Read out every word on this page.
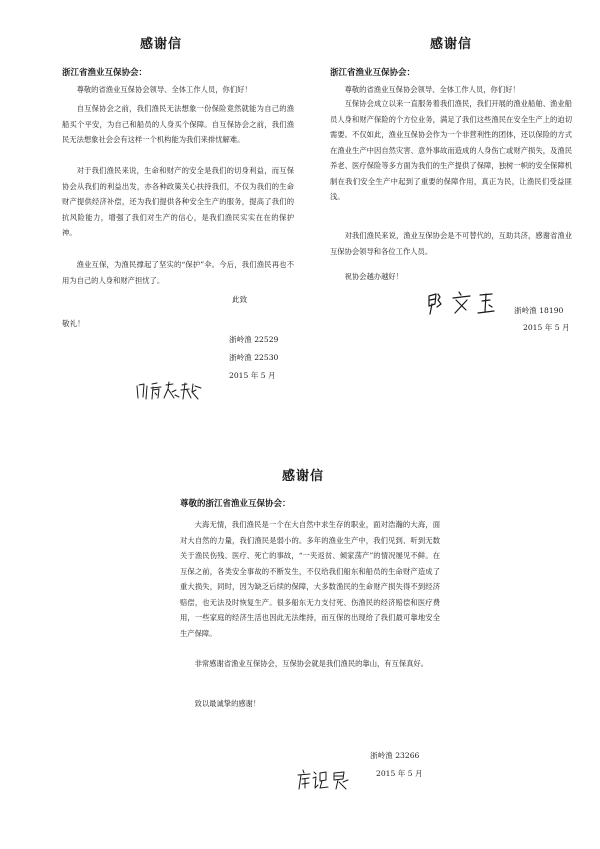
感谢信
浙江省渔业互保协会：
尊敬的省渔业互保协会领导、全体工作人员，你们好！
自互保协会之前，我们渔民无法想象一份保险竟然就能为自己的渔船买个平安，为自己和船员的人身买个保障。自互保协会之前，我们渔民无法想象社会会有这样一个机构能为我们来排忧解难。
对于我们渔民来说，生命和财产的安全是我们的切身利益，而互保协会从我们的利益出发，亦各种政策关心扶持我们，不仅为我们的生命财产提供经济补偿，还为我们提供各种安全生产的服务，提高了我们的抗风险能力，增强了我们对生产的信心，是我们渔民实实在在的保护神。
渔业互保，为渔民撑起了坚实的“保护”伞。今后，我们渔民再也不用为自己的人身和财产担忧了。
此致
敬礼！
浙岭渔 22529
浙岭渔 22530
2015 年 5 月
感谢信
浙江省渔业互保协会：
尊敬的省渔业互保协会领导、全体工作人员，你们好！
互保协会成立以来一直服务着我们渔民，我们开展的渔业船舶、渔业船员人身和财产保险的个方位业务，满足了我们这些渔民在安全生产上的迫切需要。不仅如此，渔业互保协会作为一个非营利性的团体，还以保险的方式在渔业生产中因自然灾害、意外事故而造成的人身伤亡或财产损失，及渔民养老、医疗保险等多方面为我们的生产提供了保障，独树一帜的安全保障机制在我们安全生产中起到了重要的保障作用，真正为民，让渔民们受益匪浅。
对我们渔民来说，渔业互保协会是不可替代的，互助共济，感谢省渔业互保协会领导和各位工作人员。
祝协会越办越好！
浙岭渔 18190
2015 年 5 月
感谢信
尊敬的浙江省渔业互保协会：
大海无情，我们渔民是一个在大自然中求生存的职业，面对浩瀚的大海，面对大自然的力量，我们渔民是弱小的。多年的渔业生产中，我们见到、听到无数关于渔民伤残、医疗、死亡的事故，“一夹返贫、倾家荡产”的情况屡见不鲜。在互保之前，各类安全事故的不断发生，不仅给我们船东和船员的生命财产造成了重大损失，同时，因为缺乏后续的保障，大多数渔民的生命财产损失得不到经济赔偿，也无法及时恢复生产。很多船东无力支付死、伤渔民的经济赔偿和医疗费用，一些家庭的经济生活也因此无法维持，而互保的出现给了我们最可靠地安全生产保障。
非常感谢省渔业互保协会，互保协会就是我们渔民的靠山，有互保真好。
致以最诚挚的感谢！
浙岭渔 23266
2015 年 5 月
